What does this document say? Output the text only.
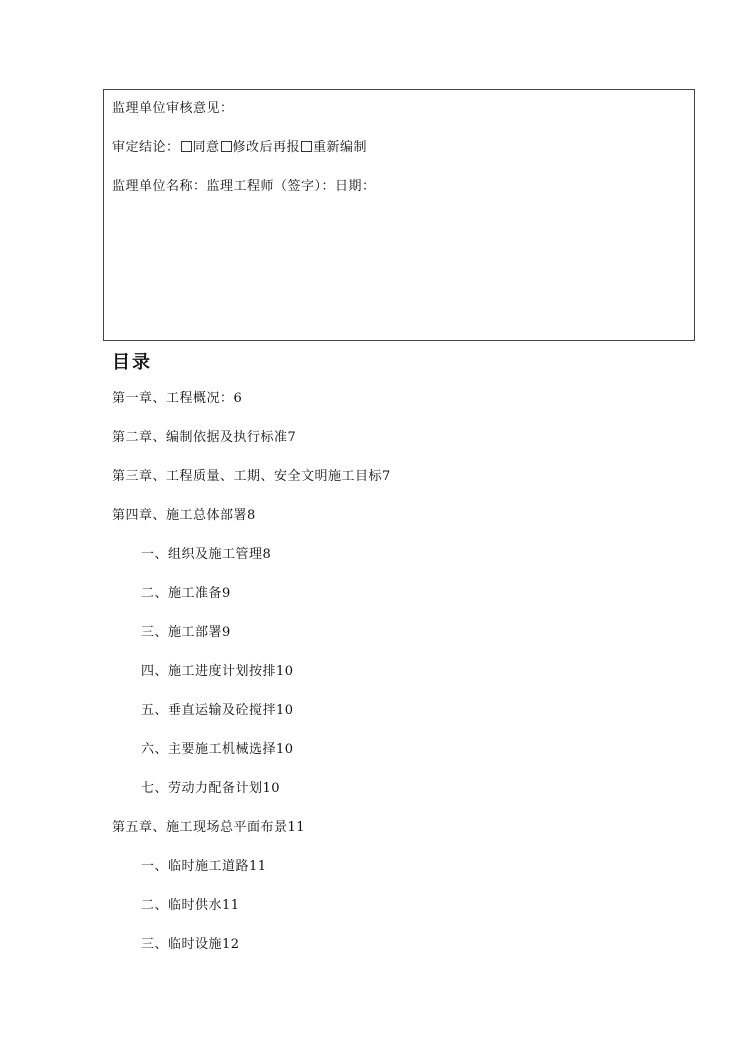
监理单位审核意见：
审定结论： 同意 修改后再报 重新编制
监理单位名称：监理工程师（签字）：日期：
目录
第一章、工程概况：6
第二章、编制依据及执行标准7
第三章、工程质量、工期、安全文明施工目标7
第四章、施工总体部署8
一、组织及施工管理8
二、施工准备9
三、施工部署9
四、施工进度计划按排10
五、垂直运输及砼搅拌10
六、主要施工机械选择10
七、劳动力配备计划10
第五章、施工现场总平面布景11
一、临时施工道路11
二、临时供水11
三、临时设施12
